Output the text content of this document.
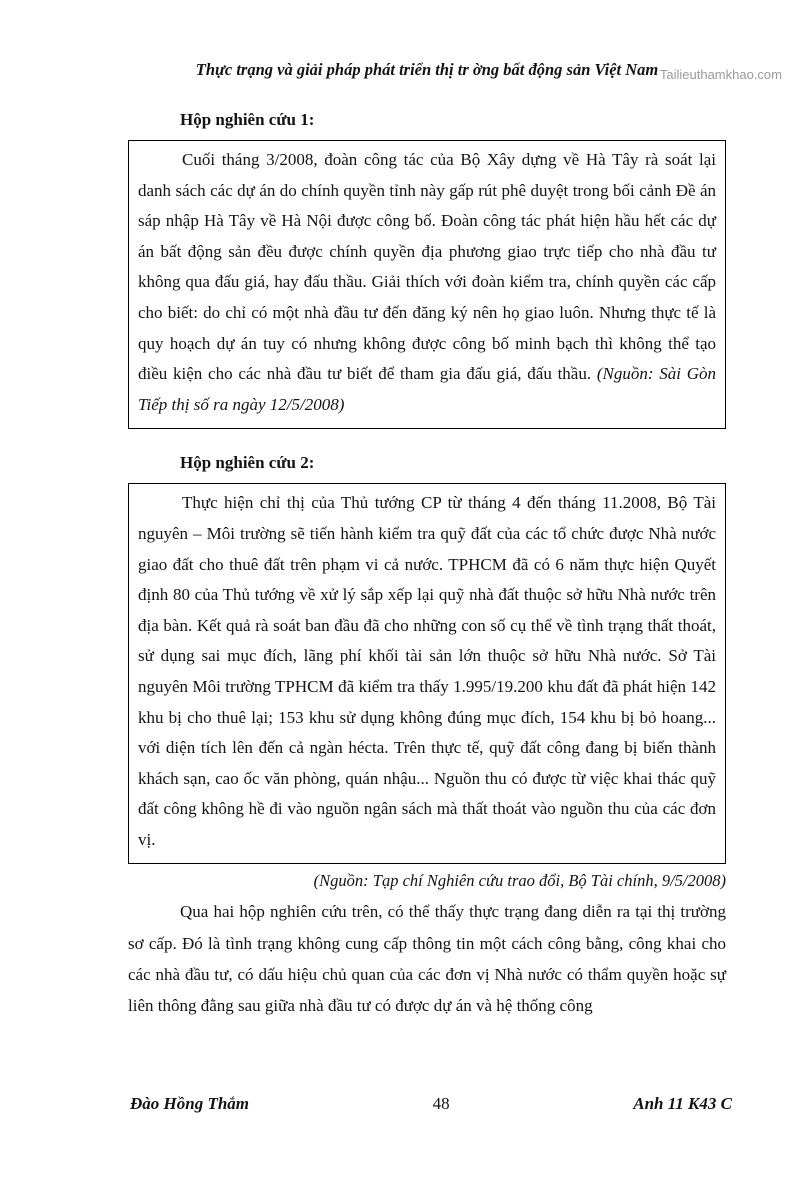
Tailieuthamkhao.com
Thực trạng và giải pháp phát triển thị tr ờng bất động sản Việt Nam
Hộp nghiên cứu 1:

Cuối tháng 3/2008, đoàn công tác của Bộ Xây dựng về Hà Tây rà soát lại danh sách các dự án do chính quyền tỉnh này gấp rút phê duyệt trong bối cảnh Đề án sáp nhập Hà Tây về Hà Nội được công bố. Đoàn công tác phát hiện hầu hết các dự án bất động sản đều được chính quyền địa phương giao trực tiếp cho nhà đầu tư không qua đấu giá, hay đấu thầu. Giải thích với đoàn kiểm tra, chính quyền các cấp cho biết: do chỉ có một nhà đầu tư đến đăng ký nên họ giao luôn. Nhưng thực tế là quy hoạch dự án tuy có nhưng không được công bố minh bạch thì không thể tạo điều kiện cho các nhà đầu tư biết để tham gia đấu giá, đấu thầu. (Nguồn: Sài Gòn Tiếp thị số ra ngày 12/5/2008)

Hộp nghiên cứu 2:

Thực hiện chỉ thị của Thủ tướng CP từ tháng 4 đến tháng 11.2008, Bộ Tài nguyên – Môi trường sẽ tiến hành kiểm tra quỹ đất của các tổ chức được Nhà nước giao đất cho thuê đất trên phạm vi cả nước. TPHCM đã có 6 năm thực hiện Quyết định 80 của Thủ tướng về xử lý sắp xếp lại quỹ nhà đất thuộc sở hữu Nhà nước trên địa bàn. Kết quả rà soát ban đầu đã cho những con số cụ thể về tình trạng thất thoát, sử dụng sai mục đích, lãng phí khối tài sản lớn thuộc sở hữu Nhà nước. Sở Tài nguyên Môi trường TPHCM đã kiểm tra thấy 1.995/19.200 khu đất đã phát hiện 142 khu bị cho thuê lại; 153 khu sử dụng không đúng mục đích, 154 khu bị bỏ hoang... với diện tích lên đến cả ngàn hécta. Trên thực tế, quỹ đất công đang bị biến thành khách sạn, cao ốc văn phòng, quán nhậu... Nguồn thu có được từ việc khai thác quỹ đất công không hề đi vào nguồn ngân sách mà thất thoát vào nguồn thu của các đơn vị.

(Nguồn: Tạp chí Nghiên cứu trao đổi, Bộ Tài chính, 9/5/2008)

Qua hai hộp nghiên cứu trên, có thể thấy thực trạng đang diễn ra tại thị trường sơ cấp. Đó là tình trạng không cung cấp thông tin một cách công bằng, công khai cho các nhà đầu tư, có dấu hiệu chủ quan của các đơn vị Nhà nước có thẩm quyền hoặc sự liên thông đằng sau giữa nhà đầu tư có được dự án và hệ thống công

Đào Hồng Thắm	48	Anh 11 K43 C
